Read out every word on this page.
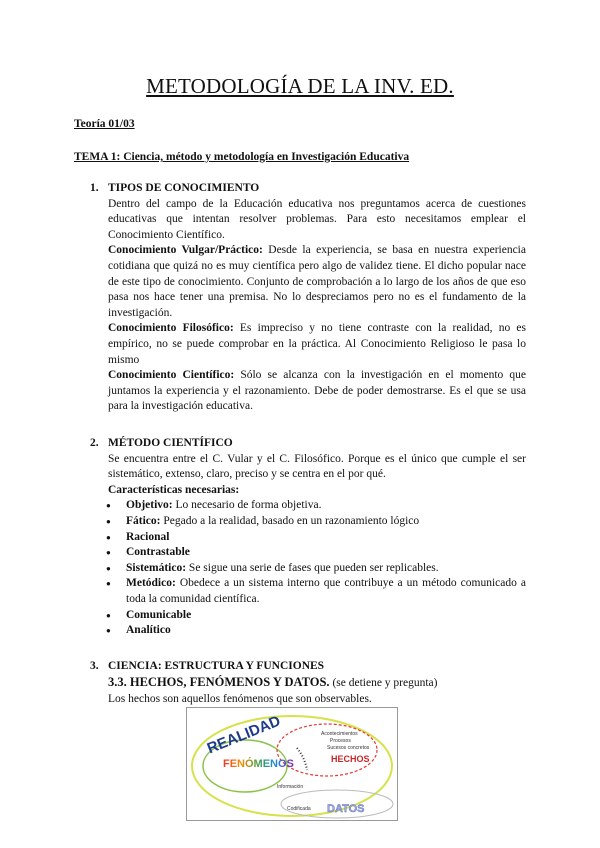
METODOLOGÍA DE LA INV. ED.
Teoría 01/03
TEMA 1: Ciencia, método y metodología en Investigación Educativa
1. TIPOS DE CONOCIMIENTO

Dentro del campo de la Educación educativa nos preguntamos acerca de cuestiones educativas que intentan resolver problemas. Para esto necesitamos emplear el Conocimiento Científico.

Conocimiento Vulgar/Práctico: Desde la experiencia, se basa en nuestra experiencia cotidiana que quizá no es muy científica pero algo de validez tiene. El dicho popular nace de este tipo de conocimiento. Conjunto de comprobación a lo largo de los años de que eso pasa nos hace tener una premisa. No lo despreciamos pero no es el fundamento de la investigación.

Conocimiento Filosófico: Es impreciso y no tiene contraste con la realidad, no es empírico, no se puede comprobar en la práctica. Al Conocimiento Religioso le pasa lo mismo

Conocimiento Científico: Sólo se alcanza con la investigación en el momento que juntamos la experiencia y el razonamiento. Debe de poder demostrarse. Es el que se usa para la investigación educativa.

2. MÉTODO CIENTÍFICO

Se encuentra entre el C. Vular y el C. Filosófico. Porque es el único que cumple el ser sistemático, extenso, claro, preciso y se centra en el por qué.

Características necesarias:

● Objetivo: Lo necesario de forma objetiva.
● Fático: Pegado a la realidad, basado en un razonamiento lógico
● Racional
● Contrastable
● Sistemático: Se sigue una serie de fases que pueden ser replicables.
● Metódico: Obedece a un sistema interno que contribuye a un método comunicado a toda la comunidad científica.
● Comunicable
● Analítico
3. CIENCIA: ESTRUCTURA Y FUNCIONES

3.3. HECHOS, FENÓMENOS Y DATOS. (se detiene y pregunta)

Los hechos son aquellos fenómenos que son observables.

REALIDAD
FENÓMENOS
Acontecimientos
Procesos
Sucesos concretos
HECHOS
Información
Codificada DATOS
